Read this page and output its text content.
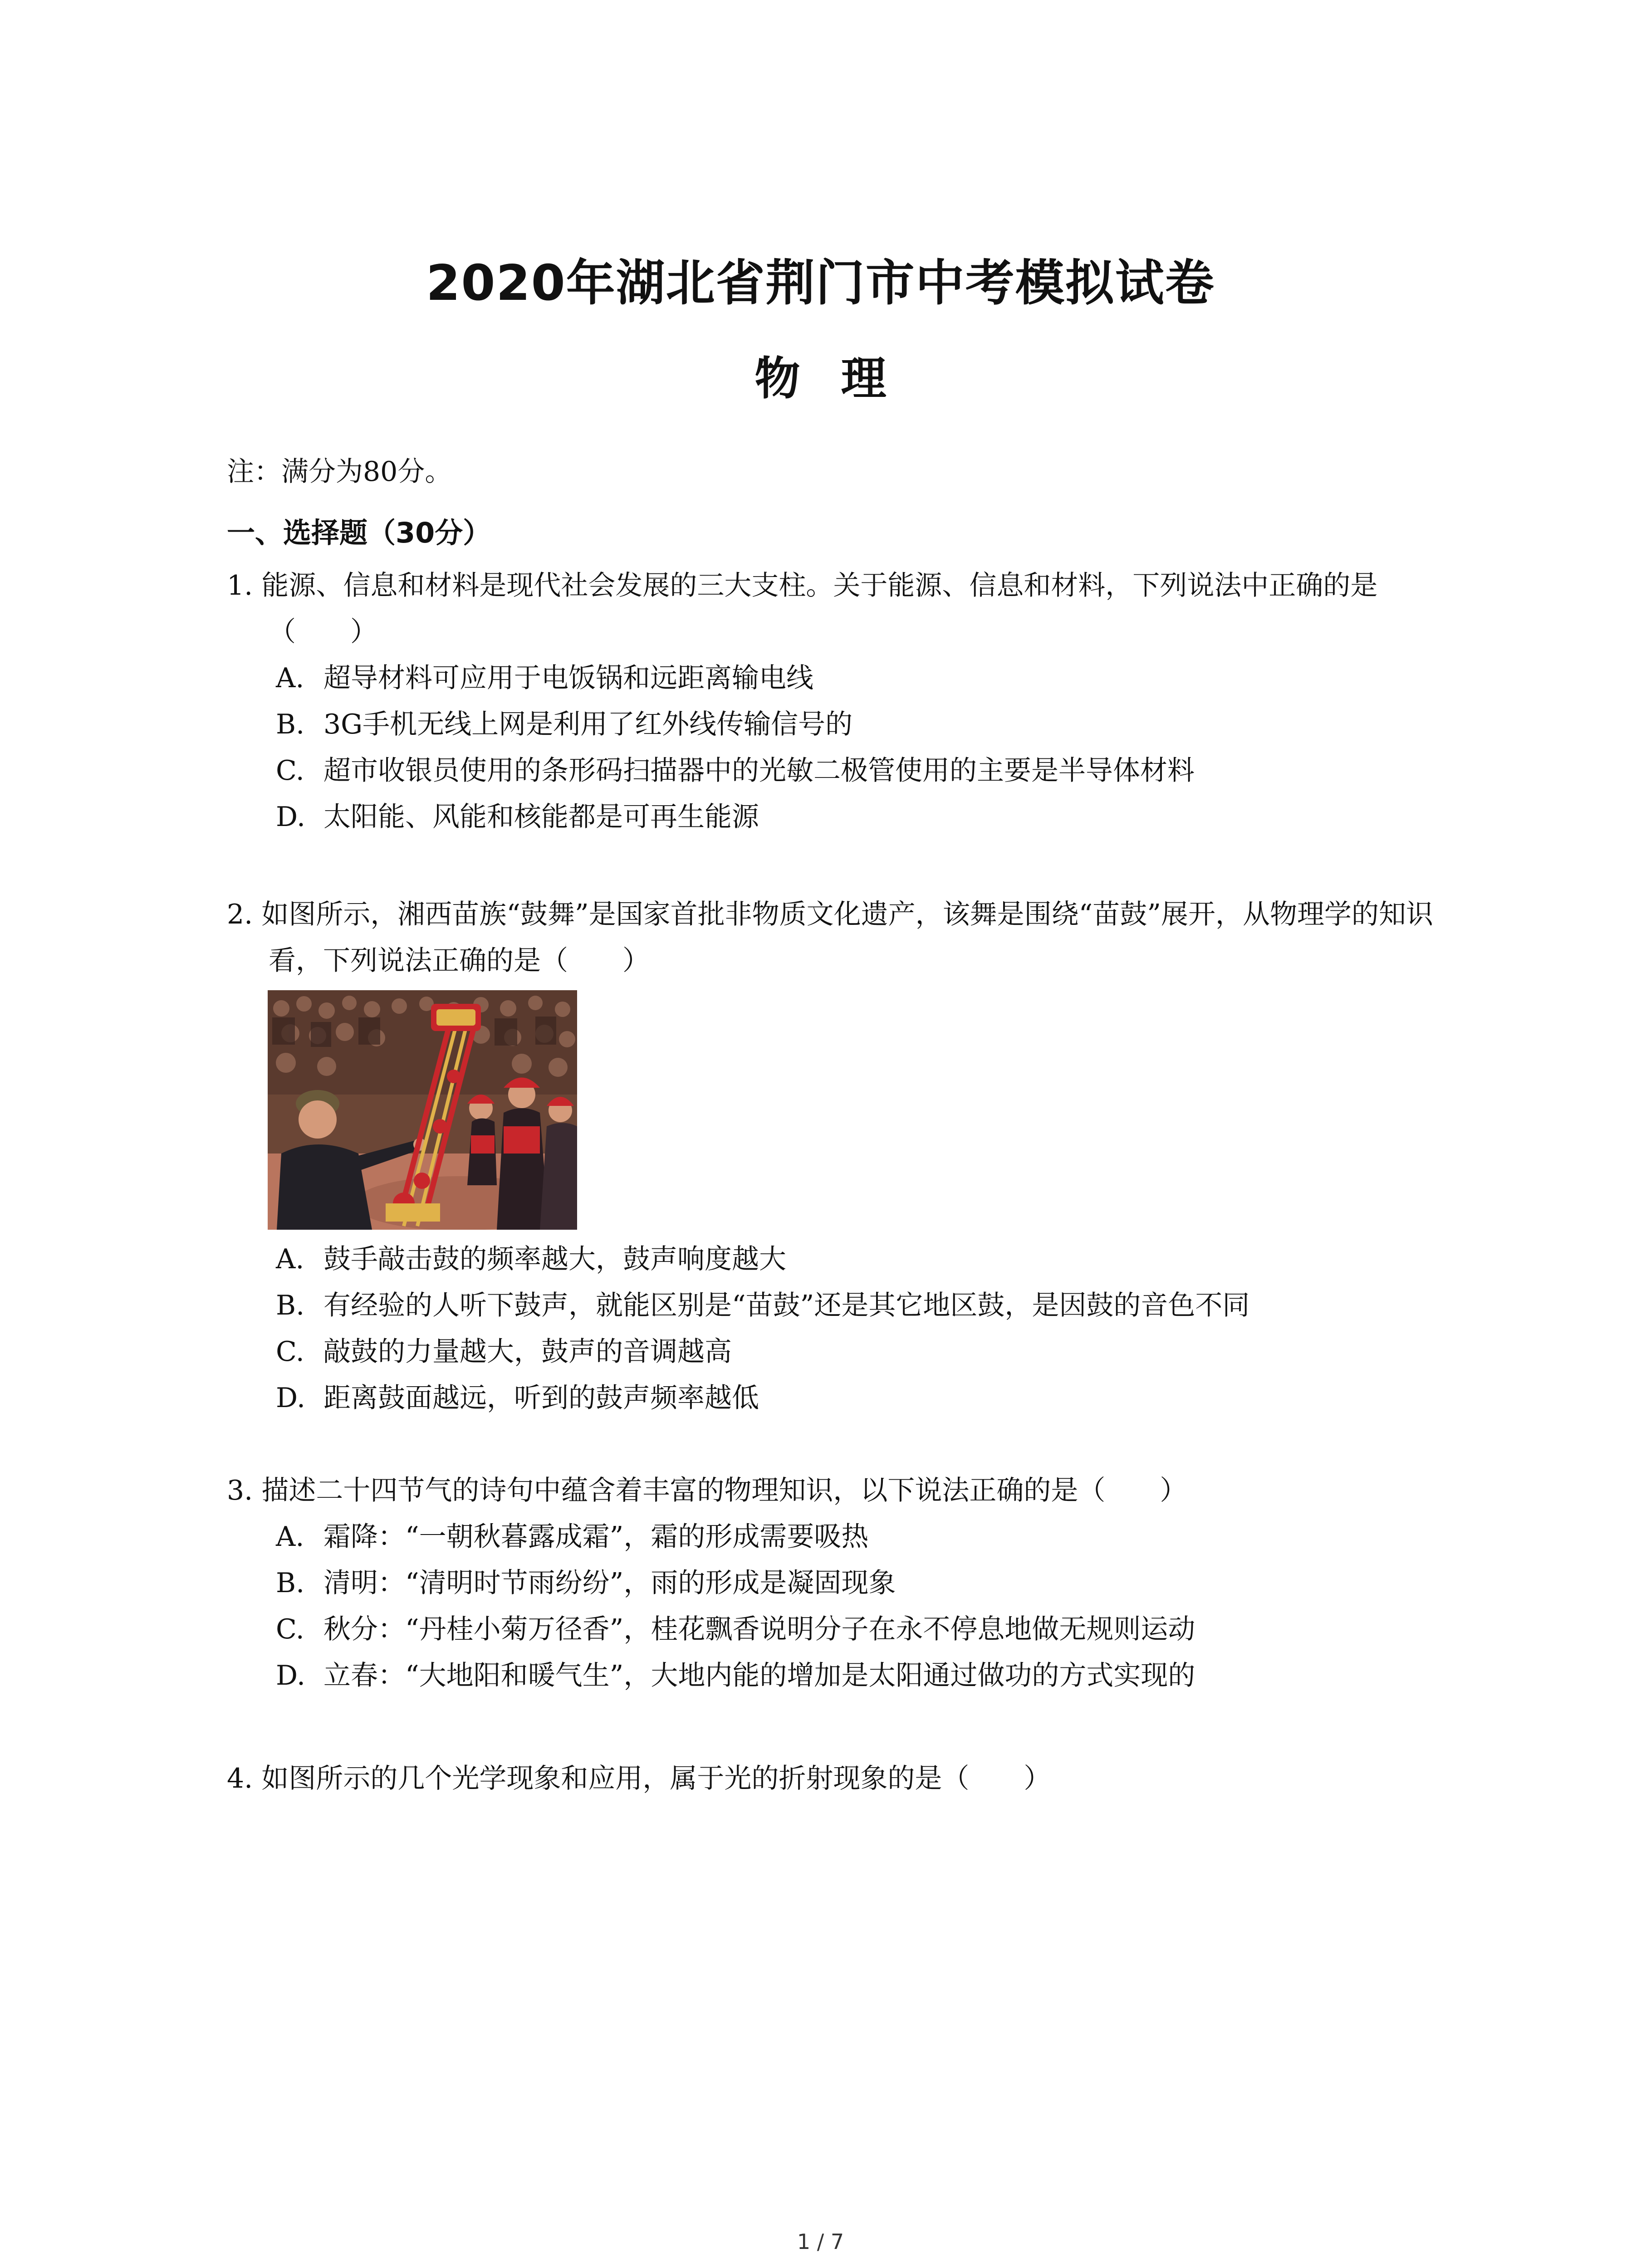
2020年湖北省荆门市中考模拟试卷
物理
注：满分为80分。
一、选择题（30分）
1. 能源、信息和材料是现代社会发展的三大支柱。关于能源、信息和材料，下列说法中正确的是（　　）
A. 超导材料可应用于电饭锅和远距离输电线
B. 3G手机无线上网是利用了红外线传输信号的
C. 超市收银员使用的条形码扫描器中的光敏二极管使用的主要是半导体材料
D. 太阳能、风能和核能都是可再生能源
2. 如图所示，湘西苗族“鼓舞”是国家首批非物质文化遗产，该舞是围绕“苗鼓”展开，从物理学的知识看，下列说法正确的是（　　）
A. 鼓手敲击鼓的频率越大，鼓声响度越大
B. 有经验的人听下鼓声，就能区别是“苗鼓”还是其它地区鼓，是因鼓的音色不同
C. 敲鼓的力量越大，鼓声的音调越高
D. 距离鼓面越远，听到的鼓声频率越低
3. 描述二十四节气的诗句中蕴含着丰富的物理知识，以下说法正确的是（　　）
A. 霜降：“一朝秋暮露成霜”，霜的形成需要吸热
B. 清明：“清明时节雨纷纷”，雨的形成是凝固现象
C. 秋分：“丹桂小菊万径香”，桂花飘香说明分子在永不停息地做无规则运动
D. 立春：“大地阳和暖气生”，大地内能的增加是太阳通过做功的方式实现的
4. 如图所示的几个光学现象和应用，属于光的折射现象的是（　　）
1 / 7
